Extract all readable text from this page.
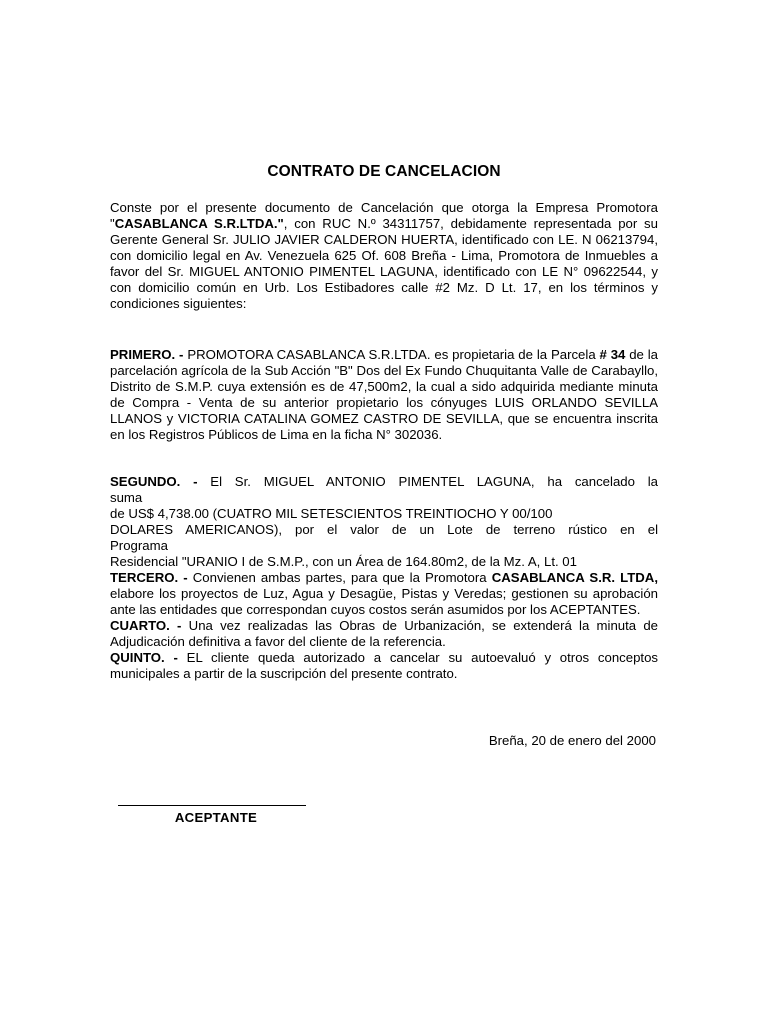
CONTRATO DE CANCELACION
Conste por el presente documento de Cancelación que otorga la Empresa Promotora "CASABLANCA S.R.LTDA.", con RUC N.º 34311757, debidamente representada por su Gerente General Sr. JULIO JAVIER CALDERON HUERTA, identificado con LE. N 06213794, con domicilio legal en Av. Venezuela 625 Of. 608 Breña - Lima, Promotora de Inmuebles a favor del Sr. MIGUEL ANTONIO PIMENTEL LAGUNA, identificado con LE N° 09622544, y con domicilio común en Urb. Los Estibadores calle #2 Mz. D Lt. 17, en los términos y condiciones siguientes:
PRIMERO. - PROMOTORA CASABLANCA S.R.LTDA. es propietaria de la Parcela # 34 de la parcelación agrícola de la Sub Acción "B" Dos del Ex Fundo Chuquitanta Valle de Carabayllo, Distrito de S.M.P. cuya extensión es de 47,500m2, la cual a sido adquirida mediante minuta de Compra - Venta de su anterior propietario los cónyuges LUIS ORLANDO SEVILLA LLANOS y VICTORIA CATALINA GOMEZ CASTRO DE SEVILLA, que se encuentra inscrita en los Registros Públicos de Lima en la ficha N° 302036.
SEGUNDO. - El Sr. MIGUEL ANTONIO PIMENTEL LAGUNA, ha cancelado la
suma
de US$ 4,738.00 (CUATRO MIL SETESCIENTOS TREINTIOCHO Y 00/100
DOLARES AMERICANOS), por el valor de un Lote de terreno rústico en el
Programa
Residencial "URANIO I de S.M.P., con un Área de 164.80m2, de la Mz. A, Lt. 01
TERCERO. - Convienen ambas partes, para que la Promotora CASABLANCA S.R. LTDA, elabore los proyectos de Luz, Agua y Desagüe, Pistas y Veredas; gestionen su aprobación ante las entidades que correspondan cuyos costos serán asumidos por los ACEPTANTES.
CUARTO. - Una vez realizadas las Obras de Urbanización, se extenderá la minuta de Adjudicación definitiva a favor del cliente de la referencia.
QUINTO. - EL cliente queda autorizado a cancelar su autoevaluó y otros conceptos municipales a partir de la suscripción del presente contrato.
Breña, 20 de enero del 2000
ACEPTANTE
